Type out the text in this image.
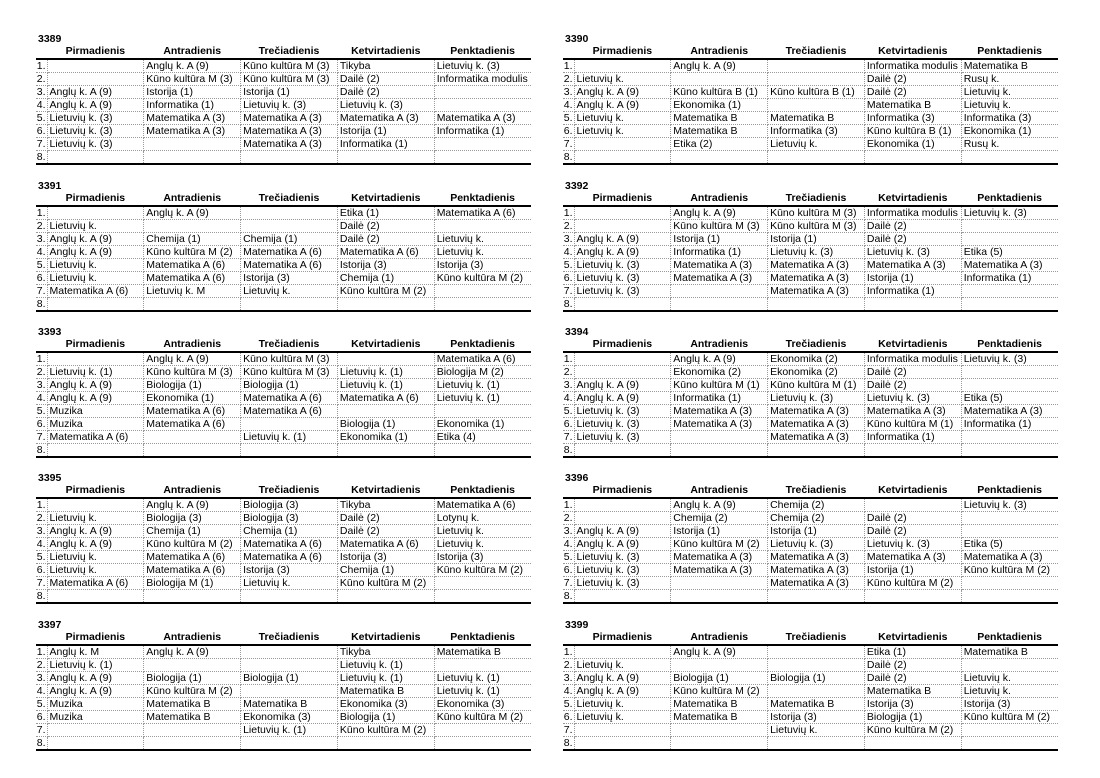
3389
	Pirmadienis	Antradienis	Trečiadienis	Ketvirtadienis	Penktadienis
1.		Anglų k. A (9)	Kūno kultūra M (3)	Tikyba	Lietuvių k. (3)
2.		Kūno kultūra M (3)	Kūno kultūra M (3)	Dailė (2)	Informatika modulis
3.	Anglų k. A (9)	Istorija (1)	Istorija (1)	Dailė (2)	
4.	Anglų k. A (9)	Informatika (1)	Lietuvių k. (3)	Lietuvių k. (3)	
5.	Lietuvių k. (3)	Matematika A (3)	Matematika A (3)	Matematika A (3)	Matematika A (3)
6.	Lietuvių k. (3)	Matematika A (3)	Matematika A (3)	Istorija (1)	Informatika (1)
7.	Lietuvių k. (3)		Matematika A (3)	Informatika (1)	
8.					
3390
	Pirmadienis	Antradienis	Trečiadienis	Ketvirtadienis	Penktadienis
1.		Anglų k. A (9)		Informatika modulis	Matematika B
2.	Lietuvių k.			Dailė (2)	Rusų k.
3.	Anglų k. A (9)	Kūno kultūra B (1)	Kūno kultūra B (1)	Dailė (2)	Lietuvių k.
4.	Anglų k. A (9)	Ekonomika (1)		Matematika B	Lietuvių k.
5.	Lietuvių k.	Matematika B	Matematika B	Informatika (3)	Informatika (3)
6.	Lietuvių k.	Matematika B	Informatika (3)	Kūno kultūra B (1)	Ekonomika (1)
7.		Etika (2)	Lietuvių k.	Ekonomika (1)	Rusų k.
8.					
3391
	Pirmadienis	Antradienis	Trečiadienis	Ketvirtadienis	Penktadienis
1.		Anglų k. A (9)		Etika (1)	Matematika A (6)
2.	Lietuvių k.			Dailė (2)	
3.	Anglų k. A (9)	Chemija (1)	Chemija (1)	Dailė (2)	Lietuvių k.
4.	Anglų k. A (9)	Kūno kultūra M (2)	Matematika A (6)	Matematika A (6)	Lietuvių k.
5.	Lietuvių k.	Matematika A (6)	Matematika A (6)	Istorija (3)	Istorija (3)
6.	Lietuvių k.	Matematika A (6)	Istorija (3)	Chemija (1)	Kūno kultūra M (2)
7.	Matematika A (6)	Lietuvių k. M	Lietuvių k.	Kūno kultūra M (2)	
8.					
3392
	Pirmadienis	Antradienis	Trečiadienis	Ketvirtadienis	Penktadienis
1.		Anglų k. A (9)	Kūno kultūra M (3)	Informatika modulis	Lietuvių k. (3)
2.		Kūno kultūra M (3)	Kūno kultūra M (3)	Dailė (2)	
3.	Anglų k. A (9)	Istorija (1)	Istorija (1)	Dailė (2)	
4.	Anglų k. A (9)	Informatika (1)	Lietuvių k. (3)	Lietuvių k. (3)	Etika (5)
5.	Lietuvių k. (3)	Matematika A (3)	Matematika A (3)	Matematika A (3)	Matematika A (3)
6.	Lietuvių k. (3)	Matematika A (3)	Matematika A (3)	Istorija (1)	Informatika (1)
7.	Lietuvių k. (3)		Matematika A (3)	Informatika (1)	
8.					
3393
	Pirmadienis	Antradienis	Trečiadienis	Ketvirtadienis	Penktadienis
1.		Anglų k. A (9)	Kūno kultūra M (3)		Matematika A (6)
2.	Lietuvių k. (1)	Kūno kultūra M (3)	Kūno kultūra M (3)	Lietuvių k. (1)	Biologija M (2)
3.	Anglų k. A (9)	Biologija (1)	Biologija (1)	Lietuvių k. (1)	Lietuvių k. (1)
4.	Anglų k. A (9)	Ekonomika (1)	Matematika A (6)	Matematika A (6)	Lietuvių k. (1)
5.	Muzika	Matematika A (6)	Matematika A (6)		
6.	Muzika	Matematika A (6)		Biologija (1)	Ekonomika (1)
7.	Matematika A (6)		Lietuvių k. (1)	Ekonomika (1)	Etika (4)
8.					
3394
	Pirmadienis	Antradienis	Trečiadienis	Ketvirtadienis	Penktadienis
1.		Anglų k. A (9)	Ekonomika (2)	Informatika modulis	Lietuvių k. (3)
2.		Ekonomika (2)	Ekonomika (2)	Dailė (2)	
3.	Anglų k. A (9)	Kūno kultūra M (1)	Kūno kultūra M (1)	Dailė (2)	
4.	Anglų k. A (9)	Informatika (1)	Lietuvių k. (3)	Lietuvių k. (3)	Etika (5)
5.	Lietuvių k. (3)	Matematika A (3)	Matematika A (3)	Matematika A (3)	Matematika A (3)
6.	Lietuvių k. (3)	Matematika A (3)	Matematika A (3)	Kūno kultūra M (1)	Informatika (1)
7.	Lietuvių k. (3)		Matematika A (3)	Informatika (1)	
8.					
3395
	Pirmadienis	Antradienis	Trečiadienis	Ketvirtadienis	Penktadienis
1.		Anglų k. A (9)	Biologija (3)	Tikyba	Matematika A (6)
2.	Lietuvių k.	Biologija (3)	Biologija (3)	Dailė (2)	Lotynų k.
3.	Anglų k. A (9)	Chemija (1)	Chemija (1)	Dailė (2)	Lietuvių k.
4.	Anglų k. A (9)	Kūno kultūra M (2)	Matematika A (6)	Matematika A (6)	Lietuvių k.
5.	Lietuvių k.	Matematika A (6)	Matematika A (6)	Istorija (3)	Istorija (3)
6.	Lietuvių k.	Matematika A (6)	Istorija (3)	Chemija (1)	Kūno kultūra M (2)
7.	Matematika A (6)	Biologija M (1)	Lietuvių k.	Kūno kultūra M (2)	
8.					
3396
	Pirmadienis	Antradienis	Trečiadienis	Ketvirtadienis	Penktadienis
1.		Anglų k. A (9)	Chemija (2)		Lietuvių k. (3)
2.		Chemija (2)	Chemija (2)	Dailė (2)	
3.	Anglų k. A (9)	Istorija (1)	Istorija (1)	Dailė (2)	
4.	Anglų k. A (9)	Kūno kultūra M (2)	Lietuvių k. (3)	Lietuvių k. (3)	Etika (5)
5.	Lietuvių k. (3)	Matematika A (3)	Matematika A (3)	Matematika A (3)	Matematika A (3)
6.	Lietuvių k. (3)	Matematika A (3)	Matematika A (3)	Istorija (1)	Kūno kultūra M (2)
7.	Lietuvių k. (3)		Matematika A (3)	Kūno kultūra M (2)	
8.					
3397
	Pirmadienis	Antradienis	Trečiadienis	Ketvirtadienis	Penktadienis
1.	Anglų k. M	Anglų k. A (9)		Tikyba	Matematika B
2.	Lietuvių k. (1)			Lietuvių k. (1)	
3.	Anglų k. A (9)	Biologija (1)	Biologija (1)	Lietuvių k. (1)	Lietuvių k. (1)
4.	Anglų k. A (9)	Kūno kultūra M (2)		Matematika B	Lietuvių k. (1)
5.	Muzika	Matematika B	Matematika B	Ekonomika (3)	Ekonomika (3)
6.	Muzika	Matematika B	Ekonomika (3)	Biologija (1)	Kūno kultūra M (2)
7.			Lietuvių k. (1)	Kūno kultūra M (2)	
8.					
3399
	Pirmadienis	Antradienis	Trečiadienis	Ketvirtadienis	Penktadienis
1.		Anglų k. A (9)		Etika (1)	Matematika B
2.	Lietuvių k.			Dailė (2)	
3.	Anglų k. A (9)	Biologija (1)	Biologija (1)	Dailė (2)	Lietuvių k.
4.	Anglų k. A (9)	Kūno kultūra M (2)		Matematika B	Lietuvių k.
5.	Lietuvių k.	Matematika B	Matematika B	Istorija (3)	Istorija (3)
6.	Lietuvių k.	Matematika B	Istorija (3)	Biologija (1)	Kūno kultūra M (2)
7.			Lietuvių k.	Kūno kultūra M (2)	
8.					
